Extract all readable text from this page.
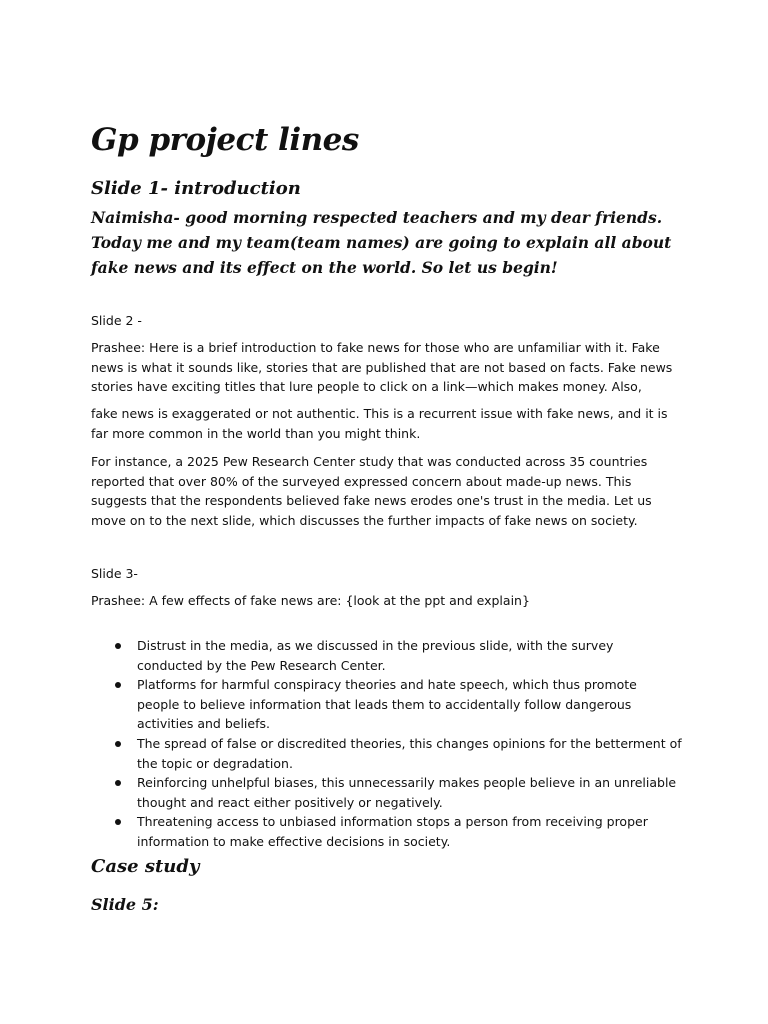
Gp project lines
Slide 1- introduction

Naimisha- good morning respected teachers and my dear friends. Today me and my team(team names) are going to explain all about fake news and its effect on the world. So let us begin!

Slide 2 -

Prashee: Here is a brief introduction to fake news for those who are unfamiliar with it. Fake news is what it sounds like, stories that are published that are not based on facts. Fake news stories have exciting titles that lure people to click on a link—which makes money. Also,

fake news is exaggerated or not authentic. This is a recurrent issue with fake news, and it is far more common in the world than you might think.

For instance, a 2025 Pew Research Center study that was conducted across 35 countries reported that over 80% of the surveyed expressed concern about made-up news. This suggests that the respondents believed fake news erodes one's trust in the media. Let us move on to the next slide, which discusses the further impacts of fake news on society.

Slide 3-

Prashee: A few effects of fake news are: {look at the ppt and explain}

Distrust in the media, as we discussed in the previous slide, with the survey conducted by the Pew Research Center.
Platforms for harmful conspiracy theories and hate speech, which thus promote people to believe information that leads them to accidentally follow dangerous activities and beliefs.
The spread of false or discredited theories, this changes opinions for the betterment of the topic or degradation.
Reinforcing unhelpful biases, this unnecessarily makes people believe in an unreliable thought and react either positively or negatively.
Threatening access to unbiased information stops a person from receiving proper information to make effective decisions in society.
Case study
Slide 5:
